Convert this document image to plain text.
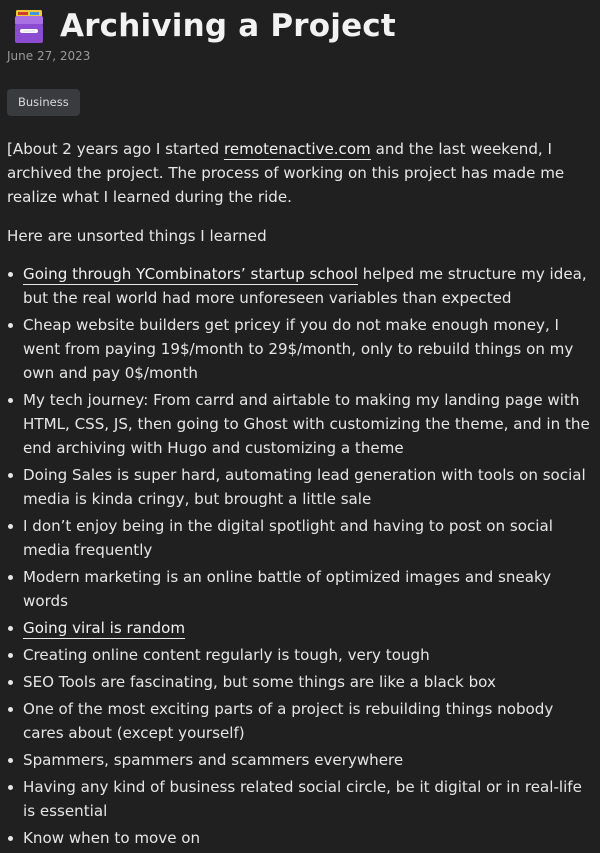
Archiving a Project
June 27, 2023
Business

[About 2 years ago I started remotenactive.com and the last weekend, I archived the project. The process of working on this project has made me realize what I learned during the ride.

Here are unsorted things I learned

Going through YCombinators’ startup school helped me structure my idea, but the real world had more unforeseen variables than expected
Cheap website builders get pricey if you do not make enough money, I went from paying 19$/month to 29$/month, only to rebuild things on my own and pay 0$/month
My tech journey: From carrd and airtable to making my landing page with HTML, CSS, JS, then going to Ghost with customizing the theme, and in the end archiving with Hugo and customizing a theme
Doing Sales is super hard, automating lead generation with tools on social media is kinda cringy, but brought a little sale
I don’t enjoy being in the digital spotlight and having to post on social media frequently
Modern marketing is an online battle of optimized images and sneaky words
Going viral is random
Creating online content regularly is tough, very tough
SEO Tools are fascinating, but some things are like a black box
One of the most exciting parts of a project is rebuilding things nobody cares about (except yourself)
Spammers, spammers and scammers everywhere
Having any kind of business related social circle, be it digital or in real-life is essential
Know when to move on
